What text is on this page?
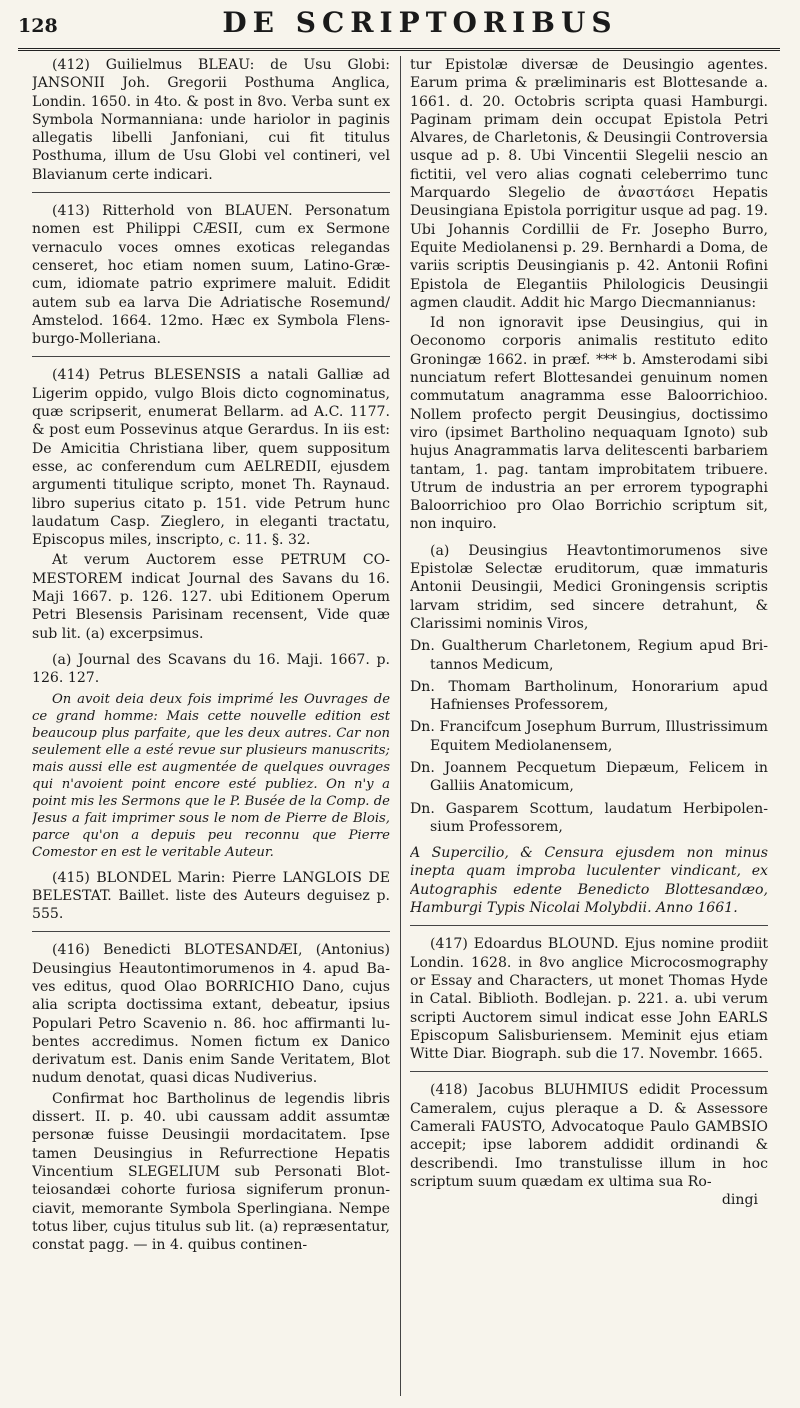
128	DE SCRIPTORIBUS

(412) Guilielmus BLEAU: de Usu Globi: JANSONII Joh. Gregorii Posthuma Anglica, Londin. 1650. in 4to. & post in 8vo. Verba sunt ex Symbola Normanniana: unde hariolor in paginis allegatis libelli Janfoniani, cui fit titulus Posthuma, illum de Usu Globi vel contineri, vel Blavianum certe indicari.

(413) Ritterhold von BLAUEN. Personatum nomen est Philippi CÆSII, cum ex Sermone vernaculo voces omnes exoticas relegandas censeret, hoc etiam nomen suum, Latino-Græcum, idiomate patrio exprimere maluit. Edidit autem sub ea larva Die Adriatische Rosemund/ Amstelod. 1664. 12mo. Hæc ex Symbola Flensburgo-Molleriana.

(414) Petrus BLESENSIS a natali Galliæ ad Ligerim oppido, vulgo Blois dicto cognominatus, quæ scripserit, enumerat Bellarm. ad A.C. 1177. & post eum Possevinus atque Gerardus. In iis est: De Amicitia Christiana liber, quem suppositum esse, ac conferendum cum AELREDII, ejusdem argumenti titulique scripto, monet Th. Raynaud. libro superius citato p. 151. vide Petrum hunc laudatum Casp. Zieglero, in eleganti tractatu, Episcopus miles, inscripto, c. 11. §. 32.

At verum Auctorem esse PETRUM COMESTOREM indicat Journal des Savans du 16. Maji 1667. p. 126. 127. ubi Editionem Operum Petri Blesensis Parisinam recensent, Vide quæ sub lit. (a) excerpsimus.

(a) Journal des Scavans du 16. Maji. 1667. p. 126. 127.

On avoit deia deux fois imprimé les Ouvrages de ce grand homme: Mais cette nouvelle edition est beaucoup plus parfaite, que les deux autres. Car non seulement elle a esté revue sur plusieurs manuscrits; mais aussi elle est augmentée de quelques ouvrages qui n'avoient point encore esté publiez. On n'y a point mis les Sermons que le P. Busée de la Comp. de Jesus a fait imprimer sous le nom de Pierre de Blois, parce qu'on a depuis peu reconnu que Pierre Comestor en est le veritable Auteur.

(415) BLONDEL Marin: Pierre LANGLOIS DE BELESTAT. Baillet. liste des Auteurs deguisez p. 555.

(416) Benedicti BLOTESANDÆI, (Antonius) Deusingius Heautontimorumenos in 4. apud Baves editus, quod Olao BORRICHIO Dano, cujus alia scripta doctissima extant, debeatur, ipsius Populari Petro Scavenio n. 86. hoc affirmanti lubentes accredimus. Nomen fictum ex Danico derivatum est. Danis enim Sande Veritatem, Blot nudum denotat, quasi dicas Nudiverius.

Confirmat hoc Bartholinus de legendis libris dissert. II. p. 40. ubi caussam addit assumtæ personæ fuisse Deusingii mordacitatem. Ipse tamen Deusingius in Refurrectione Hepatis Vincentium SLEGELIUM sub Personati Blotteiosandæi cohorte furiosa signiferum pronunciavit, memorante Symbola Sperlingiana. Nempe totus liber, cujus titulus sub lit. (a) repræsentatur, constat pagg. — in 4. quibus continen-

tur Epistolæ diversæ de Deusingio agentes. Earum prima & præliminaris est Blottesande a. 1661. d. 20. Octobris scripta quasi Hamburgi. Paginam primam dein occupat Epistola Petri Alvares, de Charletonis, & Deusingii Controversia usque ad p. 8. Ubi Vincentii Slegelii nescio an fictitii, vel vero alias cognati celeberrimo tunc Marquardo Slegelio de ἀναστάσει Hepatis Deusingiana Epistola porrigitur usque ad pag. 19. Ubi Johannis Cordillii de Fr. Josepho Burro, Equite Mediolanensi p. 29. Bernhardi a Doma, de variis scriptis Deusingianis p. 42. Antonii Rofini Epistola de Elegantiis Philologicis Deusingii agmen claudit. Addit hic Margo Diecmannianus:

Id non ignoravit ipse Deusingius, qui in Oeconomo corporis animalis restituto edito Groningæ 1662. in præf. *** b. Amsterodami sibi nunciatum refert Blottesandei genuinum nomen commutatum anagramma esse Baloorrichioo. Nollem profecto pergit Deusingius, doctissimo viro (ipsimet Bartholino nequaquam Ignoto) sub hujus Anagrammatis larva delitescenti barbariem tantam, 1. pag. tantam improbitatem tribuere. Utrum de industria an per errorem typographi Baloorrichioo pro Olao Borrichio scriptum sit, non inquiro.

(a) Deusingius Heavtontimorumenos sive Epistolæ Selectæ eruditorum, quæ immaturis Antonii Deusingii, Medici Groningensis scriptis larvam stridim, sed sincere detrahunt, & Clarissimi nominis Viros,

Dn. Gualtherum Charletonem, Regium apud Britannos Medicum,
Dn. Thomam Bartholinum, Honorarium apud Hafnienses Professorem,
Dn. Francifcum Josephum Burrum, Illustrissimum Equitem Mediolanensem,
Dn. Joannem Pecquetum Diepæum, Felicem in Galliis Anatomicum,
Dn. Gasparem Scottum, laudatum Herbipolensium Professorem,

A Supercilio, & Censura ejusdem non minus inepta quam improba luculenter vindicant, ex Autographis edente Benedicto Blottesandæo, Hamburgi Typis Nicolai Molybdii. Anno 1661.

(417) Edoardus BLOUND. Ejus nomine prodiit Londin. 1628. in 8vo anglice Microcosmography or Essay and Characters, ut monet Thomas Hyde in Catal. Biblioth. Bodlejan. p. 221. a. ubi verum scripti Auctorem simul indicat esse John EARLS Episcopum Salisburiensem. Meminit ejus etiam Witte Diar. Biograph. sub die 17. Novembr. 1665.

(418) Jacobus BLUHMIUS edidit Processum Cameralem, cujus pleraque a D. & Assessore Camerali FAUSTO, Advocatoque Paulo GAMBSIO accepit; ipse laborem addidit ordinandi & describendi. Imo transtulisse illum in hoc scriptum suum quædam ex ultima sua Ro-

dingi
